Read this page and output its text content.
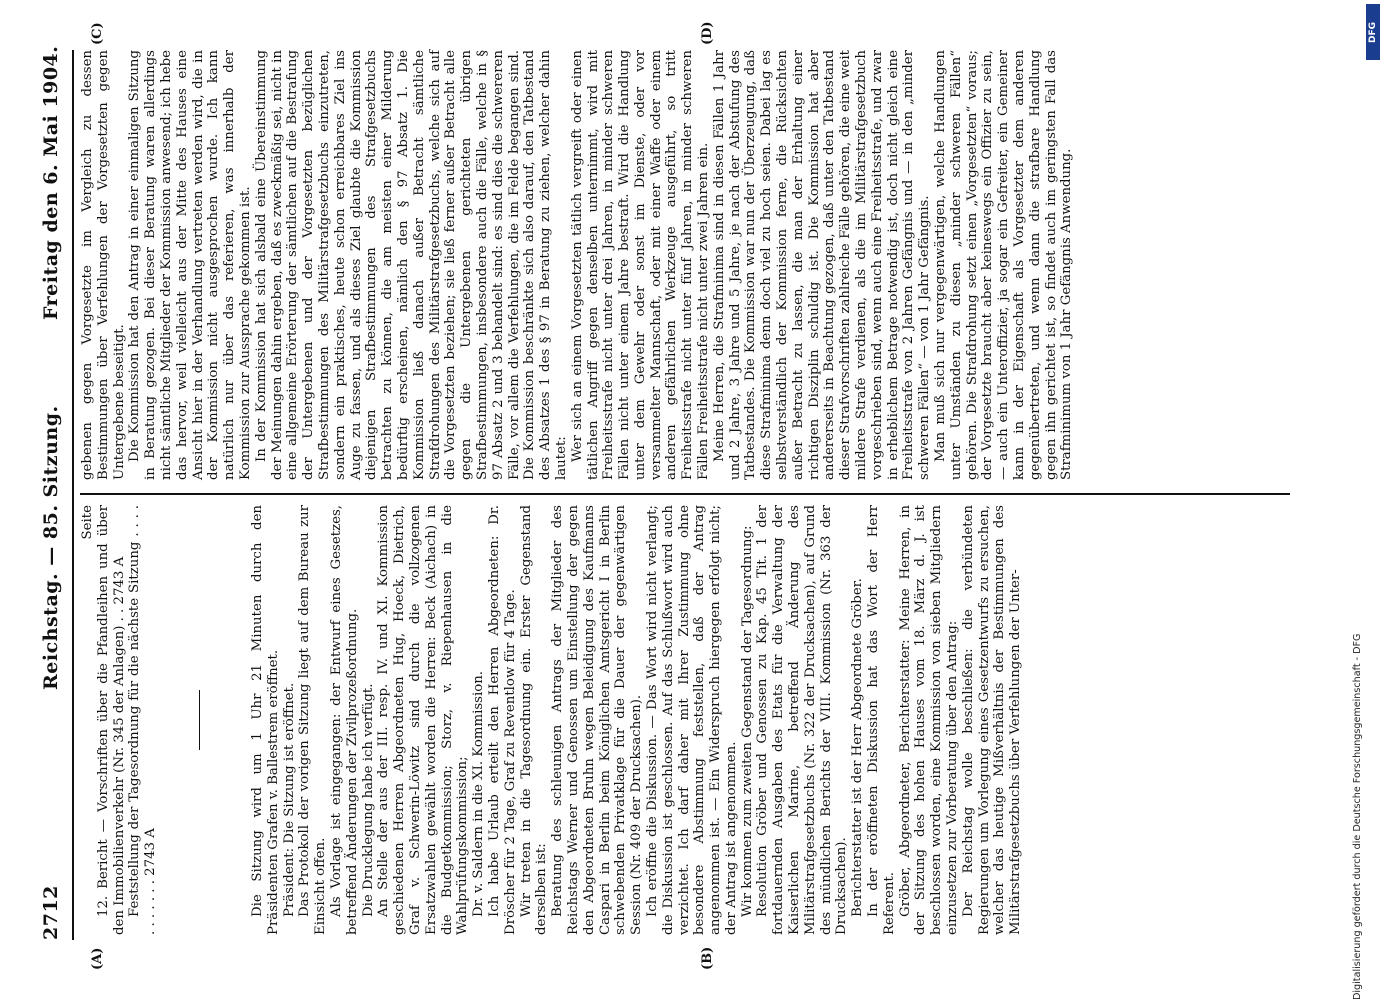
2712
Reichstag. — 85. Sitzung.
Freitag den 6. Mai 1904.
(A)	(B)
(C)	(D)

Seite 12. Bericht — Vorschriften über die Pfandleihen und über den Immobilienverkehr (Nr. 345 der Anlagen) . . 2743 A Feststellung der Tagesordnung für die nächste Sitzung . . . . . . . . . . . 2743 A	Die Sitzung wird um 1 Uhr 21 Minuten durch den Präsidenten Grafen v. Ballestrem eröffnet. Präsident: Die Sitzung ist eröffnet. Das Protokoll der vorigen Sitzung liegt auf dem Bureau zur Einsicht offen. Als Vorlage ist eingegangen: der Entwurf eines Gesetzes, betreffend Änderungen der Zivilprozeßordnung. Die Drucklegung habe ich verfügt. An Stelle der aus der III. resp. IV. und XI. Kommission geschiedenen Herren Abgeordneten Hug, Hoeck, Dietrich, Graf v. Schwerin-Löwitz sind durch die vollzogenen Ersatzwahlen gewählt worden die Herren: Beck (Aichach) in die Budgetkommission; Storz, v. Riepenhausen in die Wahlprüfungskommission; Dr. v. Saldern in die XI. Kommission. Ich habe Urlaub erteilt den Herren Abgeordneten: Dr. Dröscher für 2 Tage, Graf zu Reventlow für 4 Tage. Wir treten in die Tagesordnung ein. Erster Gegenstand derselben ist: Beratung des schleunigen Antrags der Mitglieder des Reichstags Werner und Genossen um Einstellung der gegen den Abgeordneten Bruhn wegen Beleidigung des Kaufmanns Caspari in Berlin beim Königlichen Amtsgericht I in Berlin schwebenden Privatklage für die Dauer der gegenwärtigen Session (Nr. 409 der Drucksachen). Ich eröffne die Diskussion. — Das Wort wird nicht verlangt; die Diskussion ist geschlossen. Auf das Schlußwort wird auch verzichtet. Ich darf daher mit Ihrer Zustimmung ohne besondere Abstimmung feststellen, daß der Antrag angenommen ist. — Ein Widerspruch hiergegen erfolgt nicht; der Antrag ist angenommen. Wir kommen zum zweiten Gegenstand der Tagesordnung: Resolution Gröber und Genossen zu Kap. 45 Tit. 1 der fortdauernden Ausgaben des Etats für die Verwaltung der Kaiserlichen Marine, betreffend Änderung des Militärstrafgesetzbuchs (Nr. 322 der Drucksachen), auf Grund des mündlichen Berichts der VIII. Kommission (Nr. 363 der Drucksachen). Berichterstatter ist der Herr Abgeordnete Gröber. In der eröffneten Diskussion hat das Wort der Herr Referent. Gröber, Abgeordneter, Berichterstatter: Meine Herren, in der Sitzung des hohen Hauses vom 18. März d. J. ist beschlossen worden, eine Kommission von sieben Mitgliedern einzusetzen zur Vorberatung über den Antrag: Der Reichstag wolle beschließen: die verbündeten Regierungen um Vorlegung eines Gesetzentwurfs zu ersuchen, welcher das heutige Mißverhältnis der Bestimmungen des Militärstrafgesetzbuchs über Verfehlungen der Unter-

gebenen gegen Vorgesetzte im Vergleich zu dessen Bestimmungen über Verfehlungen der Vorgesetzten gegen Untergebene beseitigt. Die Kommission hat den Antrag in einer einmaligen Sitzung in Beratung gezogen. Bei dieser Beratung waren allerdings nicht sämtliche Mitglieder der Kommission anwesend; ich hebe das hervor, weil vielleicht aus der Mitte des Hauses eine Ansicht hier in der Verhandlung vertreten werden wird, die in der Kommission nicht ausgesprochen wurde. Ich kann natürlich nur über das referieren, was innerhalb der Kommission zur Aussprache gekommen ist. In der Kommission hat sich alsbald eine Übereinstimmung der Meinungen dahin ergeben, daß es zweckmäßig sei, nicht in eine allgemeine Erörterung der sämtlichen auf die Bestrafung der Untergebenen und der Vorgesetzten bezüglichen Strafbestimmungen des Militärstrafgesetzbuchs einzutreten, sondern ein praktisches, heute schon erreichbares Ziel ins Auge zu fassen, und als dieses Ziel glaubte die Kommission diejenigen Strafbestimmungen des Strafgesetzbuchs betrachten zu können, die am meisten einer Milderung bedürftig erscheinen, nämlich den § 97 Absatz 1. Die Kommission ließ danach außer Betracht sämtliche Strafdrohungen des Militärstrafgesetzbuchs, welche sich auf die Vorgesetzten beziehen; sie ließ ferner außer Betracht alle gegen die Untergebenen gerichteten übrigen Strafbestimmungen, insbesondere auch die Fälle, welche in § 97 Absatz 2 und 3 behandelt sind: es sind dies die schwereren Fälle, vor allem die Verfehlungen, die im Felde begangen sind. Die Kommission beschränkte sich also darauf, den Tatbestand des Absatzes 1 des § 97 in Beratung zu ziehen, welcher dahin lautet: Wer sich an einem Vorgesetzten tätlich vergreift oder einen tätlichen Angriff gegen denselben unternimmt, wird mit Freiheitsstrafe nicht unter drei Jahren, in minder schweren Fällen nicht unter einem Jahre bestraft. Wird die Handlung unter dem Gewehr oder sonst im Dienste, oder vor versammelter Mannschaft, oder mit einer Waffe oder einem anderen gefährlichen Werkzeuge ausgeführt, so tritt Freiheitsstrafe nicht unter fünf Jahren, in minder schweren Fällen Freiheitsstrafe nicht unter zwei Jahren ein. Meine Herren, die Strafminima sind in diesen Fällen 1 Jahr und 2 Jahre, 3 Jahre und 5 Jahre, je nach der Abstufung des Tatbestandes. Die Kommission war nun der Überzeugung, daß diese Strafminima denn doch viel zu hoch seien. Dabei lag es selbstverständlich der Kommission ferne, die Rücksichten außer Betracht zu lassen, die man der Erhaltung einer richtigen Disziplin schuldig ist. Die Kommission hat aber andererseits in Beachtung gezogen, daß unter den Tatbestand dieser Strafvorschriften zahlreiche Fälle gehören, die eine weit mildere Strafe verdienen, als die im Militärstrafgesetzbuch vorgeschrieben sind, wenn auch eine Freiheitsstrafe, und zwar in erheblichem Betrage notwendig ist, doch nicht gleich eine Freiheitsstrafe von 2 Jahren Gefängnis und — in den „minder schweren Fällen“ — von 1 Jahr Gefängnis. Man muß sich nur vergegenwärtigen, welche Handlungen unter Umständen zu diesen „minder schweren Fällen“ gehören. Die Strafdrohung setzt einen „Vorgesetzten“ voraus; der Vorgesetzte braucht aber keineswegs ein Offizier zu sein, — auch ein Unteroffizier, ja sogar ein Gefreiter, ein Gemeiner kann in der Eigenschaft als Vorgesetzter dem anderen gegenübertreten, und wenn dann die strafbare Handlung gegen ihn gerichtet ist, so findet auch im geringsten Fall das Strafminimum von 1 Jahr Gefängnis Anwendung.

DFG
Digitalisierung gefördert durch die Deutsche Forschungsgemeinschaft - DFG
